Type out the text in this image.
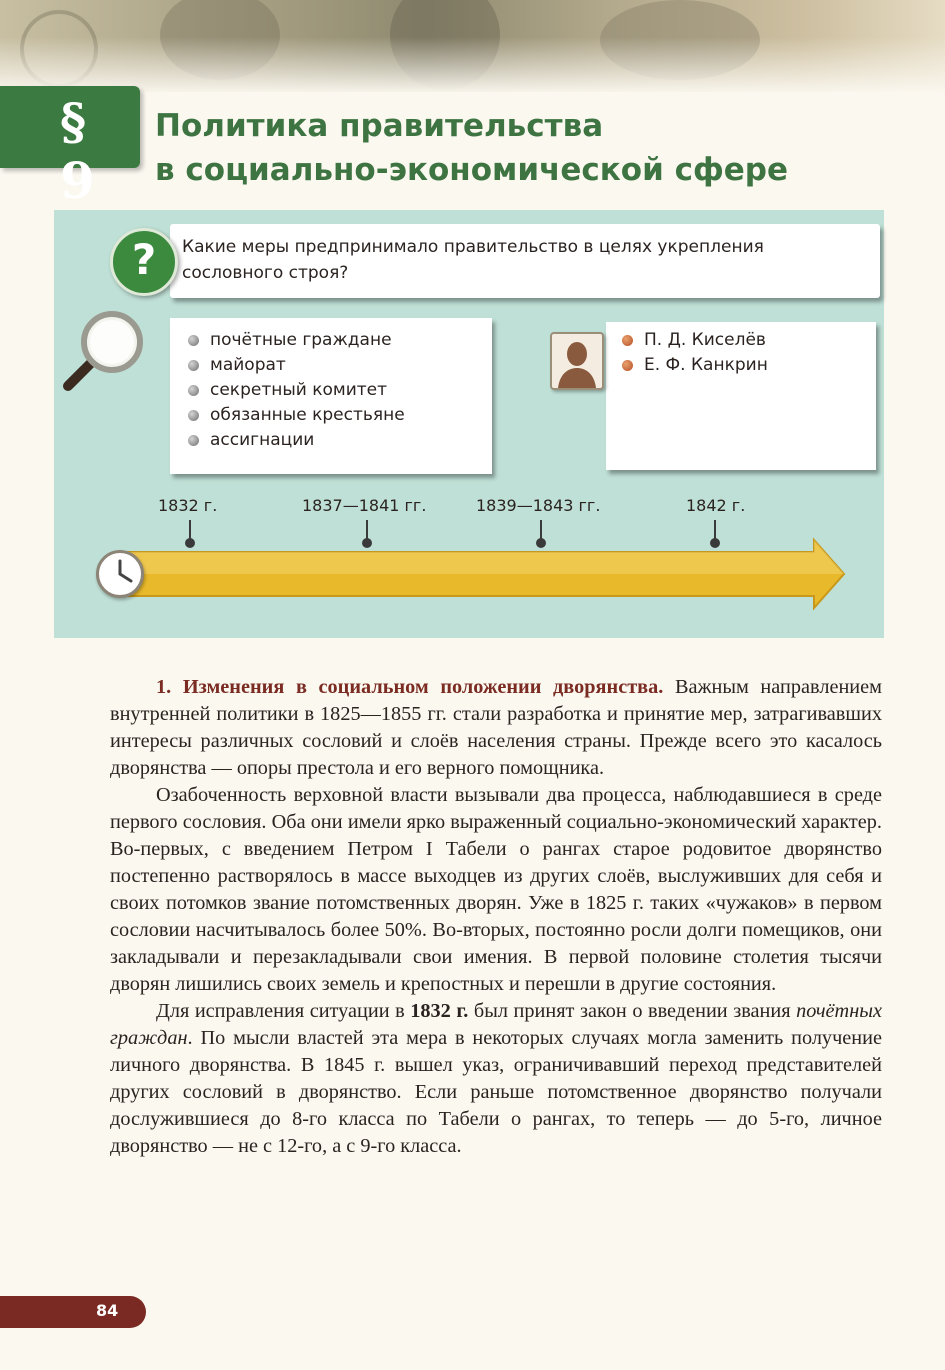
§ 9
Политика правительства
в социально-экономической сфере
Какие меры предпринимало правительство в целях укрепления сословного строя?
?
почётные граждане
майорат
секретный комитет
обязанные крестьяне
ассигнации
П. Д. Киселёв
Е. Ф. Канкрин
1832 г.	1837—1841 гг.	1839—1843 гг.	1842 г.

1. Изменения в социальном положении дворянства. Важным направлением внутренней политики в 1825—1855 гг. стали разработка и принятие мер, затрагивавших интересы различных сословий и слоёв населения страны. Прежде всего это касалось дворянства — опоры престола и его верного помощника.

Озабоченность верховной власти вызывали два процесса, наблюдавшиеся в среде первого сословия. Оба они имели ярко выраженный социально-экономический характер. Во-первых, с введением Петром I Табели о рангах старое родовитое дворянство постепенно растворялось в массе выходцев из других слоёв, выслуживших для себя и своих потомков звание потомственных дворян. Уже в 1825 г. таких «чужаков» в первом сословии насчитывалось более 50%. Во-вторых, постоянно росли долги помещиков, они закладывали и перезакладывали свои имения. В первой половине столетия тысячи дворян лишились своих земель и крепостных и перешли в другие состояния.

Для исправления ситуации в 1832 г. был принят закон о введении звания почётных граждан. По мысли властей эта мера в некоторых случаях могла заменить получение личного дворянства. В 1845 г. вышел указ, ограничивавший переход представителей других сословий в дворянство. Если раньше потомственное дворянство получали дослужившиеся до 8-го класса по Табели о рангах, то теперь — до 5-го, личное дворянство — не с 12-го, а с 9-го класса.

84
